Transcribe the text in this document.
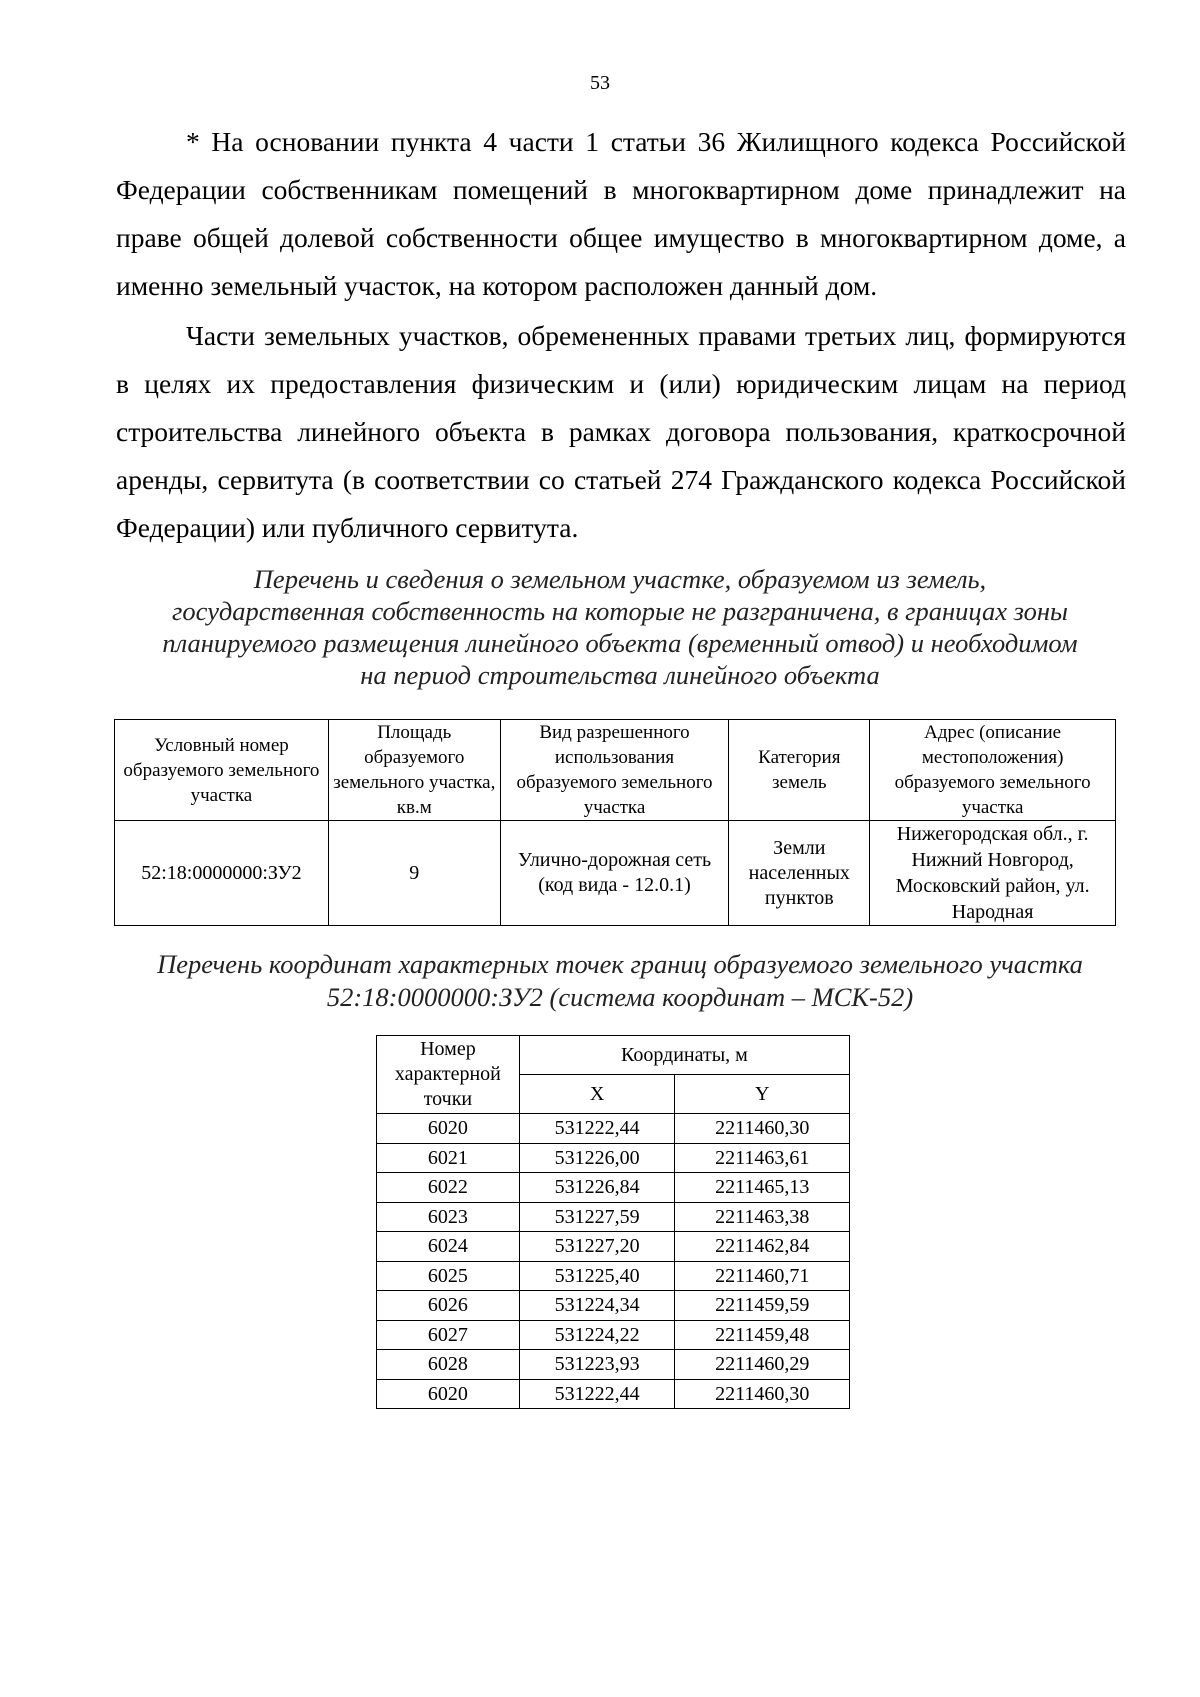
53

* На основании пункта 4 части 1 статьи 36 Жилищного кодекса Российской Федерации собственникам помещений в многоквартирном доме принадлежит на праве общей долевой собственности общее имущество в многоквартирном доме, а именно земельный участок, на котором расположен данный дом.

Части земельных участков, обремененных правами третьих лиц, формируются в целях их предоставления физическим и (или) юридическим лицам на период строительства линейного объекта в рамках договора пользования, краткосрочной аренды, сервитута (в соответствии со статьей 274 Гражданского кодекса Российской Федерации) или публичного сервитута.

Перечень и сведения о земельном участке, образуемом из земель,
государственная собственность на которые не разграничена, в границах зоны
планируемого размещения линейного объекта (временный отвод) и необходимом
на период строительства линейного объекта
Условный номер образуемого земельного участка	Площадь образуемого земельного участка, кв.м	Вид разрешенного использования образуемого земельного участка	Категория земель	Адрес (описание местоположения) образуемого земельного участка
52:18:0000000:ЗУ2	9	Улично-дорожная сеть (код вида - 12.0.1)	Земли населенных пунктов	Нижегородская обл., г. Нижний Новгород, Московский район, ул. Народная
Перечень координат характерных точек границ образуемого земельного участка
52:18:0000000:ЗУ2 (система координат – МСК-52)
Номер характерной точки	Координаты, м	
	X	Y
6020	531222,44	2211460,30
6021	531226,00	2211463,61
6022	531226,84	2211465,13
6023	531227,59	2211463,38
6024	531227,20	2211462,84
6025	531225,40	2211460,71
6026	531224,34	2211459,59
6027	531224,22	2211459,48
6028	531223,93	2211460,29
6020	531222,44	2211460,30
